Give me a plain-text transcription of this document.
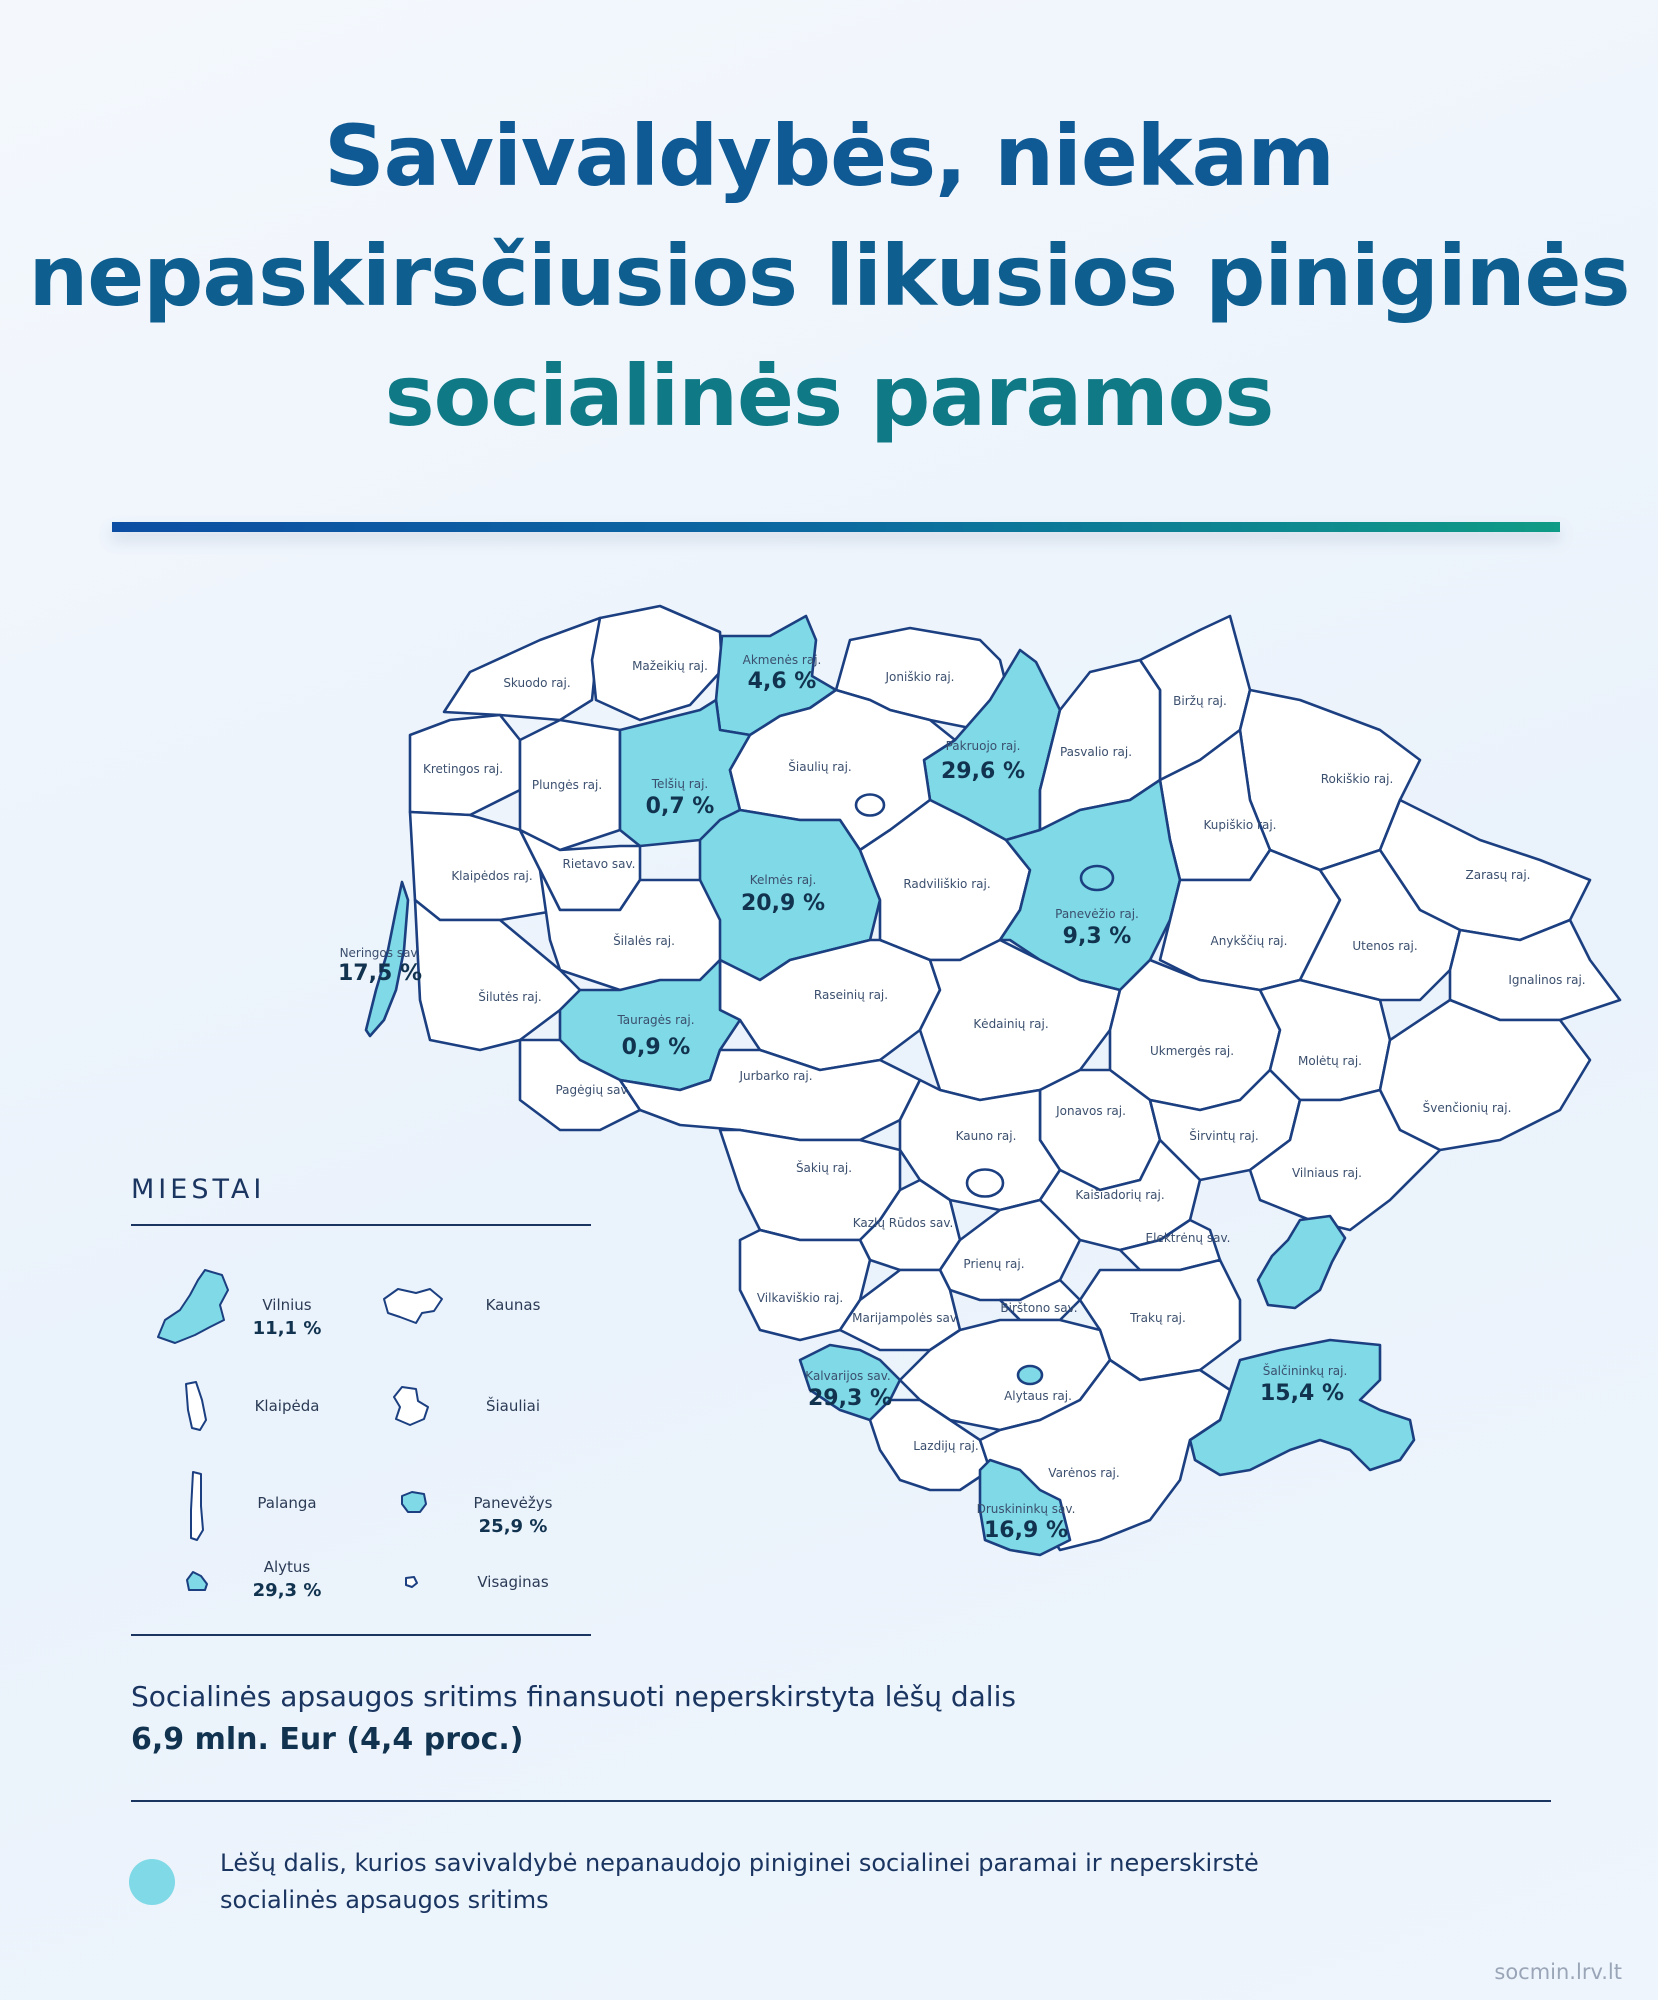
Savivaldybės, niekam
nepaskirsčiusios likusios piniginės
socialinės paramos
Skuodo raj.
Mažeikių raj.	Akmenės raj.
4,6 %	Joniškio raj.
Biržų raj.
Pakruojo raj.
29,6 %
Pasvalio raj.
Kretingos raj.
Plungės raj.	Telšių raj.
0,7 %
Šiaulių raj.
Rokiškio raj.
Kupiškio raj.
Klaipėdos raj.
Rietavo sav.
Kelmės raj.
20,9 %
Radviliškio raj.
Panevėžio raj.
9,3 %
Zarasų raj.
Neringos sav.
17,5 %
Šilalės raj.	Anykščių raj.	Utenos raj.
Ignalinos raj.
Šilutės raj.	Raseinių raj.
Tauragės raj.
0,9 %
Kėdainių raj.
Ukmergės raj.
Molėtų raj.
Pagėgių sav.
Jurbarko raj.
Jonavos raj.	Švenčionių raj.
Kauno raj.	Širvintų raj.
Šakių raj.	Vilniaus raj.
Kaišiadorių raj.
Kazlų Rūdos sav.
Elektrėnų sav.
Prienų raj.
Vilkaviškio raj.
Birštono sav.
Marijampolės sav.	Trakų raj.
Kalvarijos sav.
29,3 %
Šalčininkų raj.
15,4 %
Alytaus raj.
Lazdijų raj.
Varėnos raj.
Druskininkų sav.
16,9 %
MIESTAI
Vilnius
11,1 %
Kaunas
Klaipėda	Šiauliai
Palanga	Panevėžys
25,9 %
Alytus
29,3 %	Visaginas
Socialinės apsaugos sritims finansuoti neperskirstyta lėšų dalis
6,9 mln. Eur (4,4 proc.)
Lėšų dalis, kurios savivaldybė nepanaudojo piniginei socialinei paramai ir neperskirstė socialinės apsaugos sritims
socmin.lrv.lt
